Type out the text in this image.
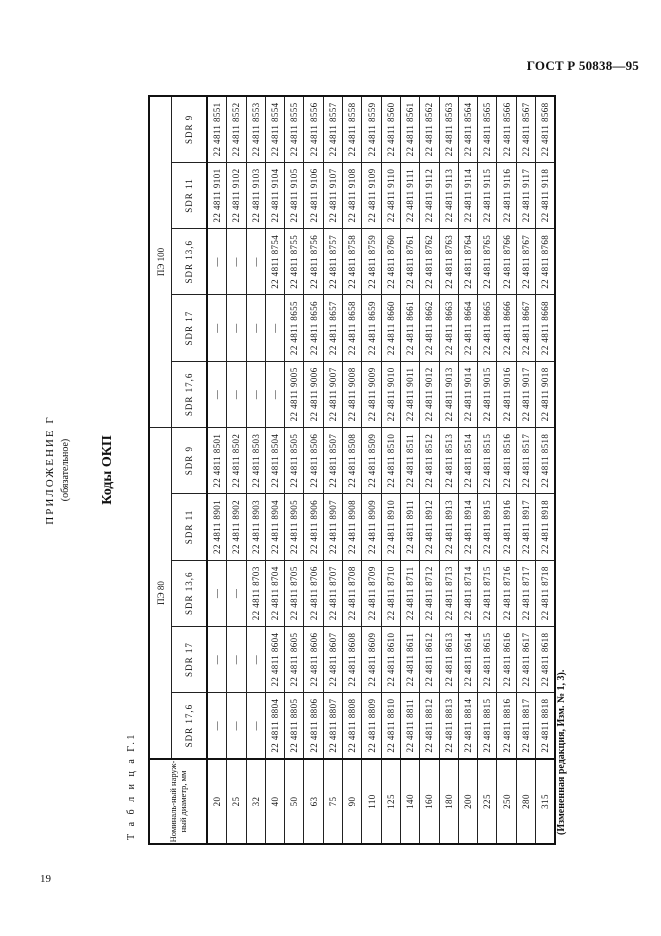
ГОСТ Р 50838—95
19
ПРИЛОЖЕНИЕ Г (обязательное) Коды ОКП
Т а б л и ц а Г.1	Номиналь-ный наруж-ный диаметр, мм	ПЭ 80					ПЭ 100				
	SDR 17,6	SDR 17	SDR 13,6	SDR 11	SDR 9	SDR 17,6	SDR 17	SDR 13,6	SDR 11	SDR 9
20	—	—	—	22 4811 8901	22 4811 8501	—	—	—	22 4811 9101	22 4811 8551
25	—	—	—	22 4811 8902	22 4811 8502	—	—	—	22 4811 9102	22 4811 8552
32	—	—	22 4811 8703	22 4811 8903	22 4811 8503	—	—	—	22 4811 9103	22 4811 8553
40	22 4811 8804	22 4811 8604	22 4811 8704	22 4811 8904	22 4811 8504	—	—	22 4811 8754	22 4811 9104	22 4811 8554
50	22 4811 8805	22 4811 8605	22 4811 8705	22 4811 8905	22 4811 8505	22 4811 9005	22 4811 8655	22 4811 8755	22 4811 9105	22 4811 8555
63	22 4811 8806	22 4811 8606	22 4811 8706	22 4811 8906	22 4811 8506	22 4811 9006	22 4811 8656	22 4811 8756	22 4811 9106	22 4811 8556
75	22 4811 8807	22 4811 8607	22 4811 8707	22 4811 8907	22 4811 8507	22 4811 9007	22 4811 8657	22 4811 8757	22 4811 9107	22 4811 8557
90	22 4811 8808	22 4811 8608	22 4811 8708	22 4811 8908	22 4811 8508	22 4811 9008	22 4811 8658	22 4811 8758	22 4811 9108	22 4811 8558
110	22 4811 8809	22 4811 8609	22 4811 8709	22 4811 8909	22 4811 8509	22 4811 9009	22 4811 8659	22 4811 8759	22 4811 9109	22 4811 8559
125	22 4811 8810	22 4811 8610	22 4811 8710	22 4811 8910	22 4811 8510	22 4811 9010	22 4811 8660	22 4811 8760	22 4811 9110	22 4811 8560
140	22 4811 8811	22 4811 8611	22 4811 8711	22 4811 8911	22 4811 8511	22 4811 9011	22 4811 8661	22 4811 8761	22 4811 9111	22 4811 8561
160	22 4811 8812	22 4811 8612	22 4811 8712	22 4811 8912	22 4811 8512	22 4811 9012	22 4811 8662	22 4811 8762	22 4811 9112	22 4811 8562
180	22 4811 8813	22 4811 8613	22 4811 8713	22 4811 8913	22 4811 8513	22 4811 9013	22 4811 8663	22 4811 8763	22 4811 9113	22 4811 8563
200	22 4811 8814	22 4811 8614	22 4811 8714	22 4811 8914	22 4811 8514	22 4811 9014	22 4811 8664	22 4811 8764	22 4811 9114	22 4811 8564
225	22 4811 8815	22 4811 8615	22 4811 8715	22 4811 8915	22 4811 8515	22 4811 9015	22 4811 8665	22 4811 8765	22 4811 9115	22 4811 8565
250	22 4811 8816	22 4811 8616	22 4811 8716	22 4811 8916	22 4811 8516	22 4811 9016	22 4811 8666	22 4811 8766	22 4811 9116	22 4811 8566
280	22 4811 8817	22 4811 8617	22 4811 8717	22 4811 8917	22 4811 8517	22 4811 9017	22 4811 8667	22 4811 8767	22 4811 9117	22 4811 8567
315	22 4811 8818	22 4811 8618	22 4811 8718	22 4811 8918	22 4811 8518	22 4811 9018	22 4811 8668	22 4811 8768	22 4811 9118	22 4811 8568
(Измененная редакция, Изм. № 1, 3).
